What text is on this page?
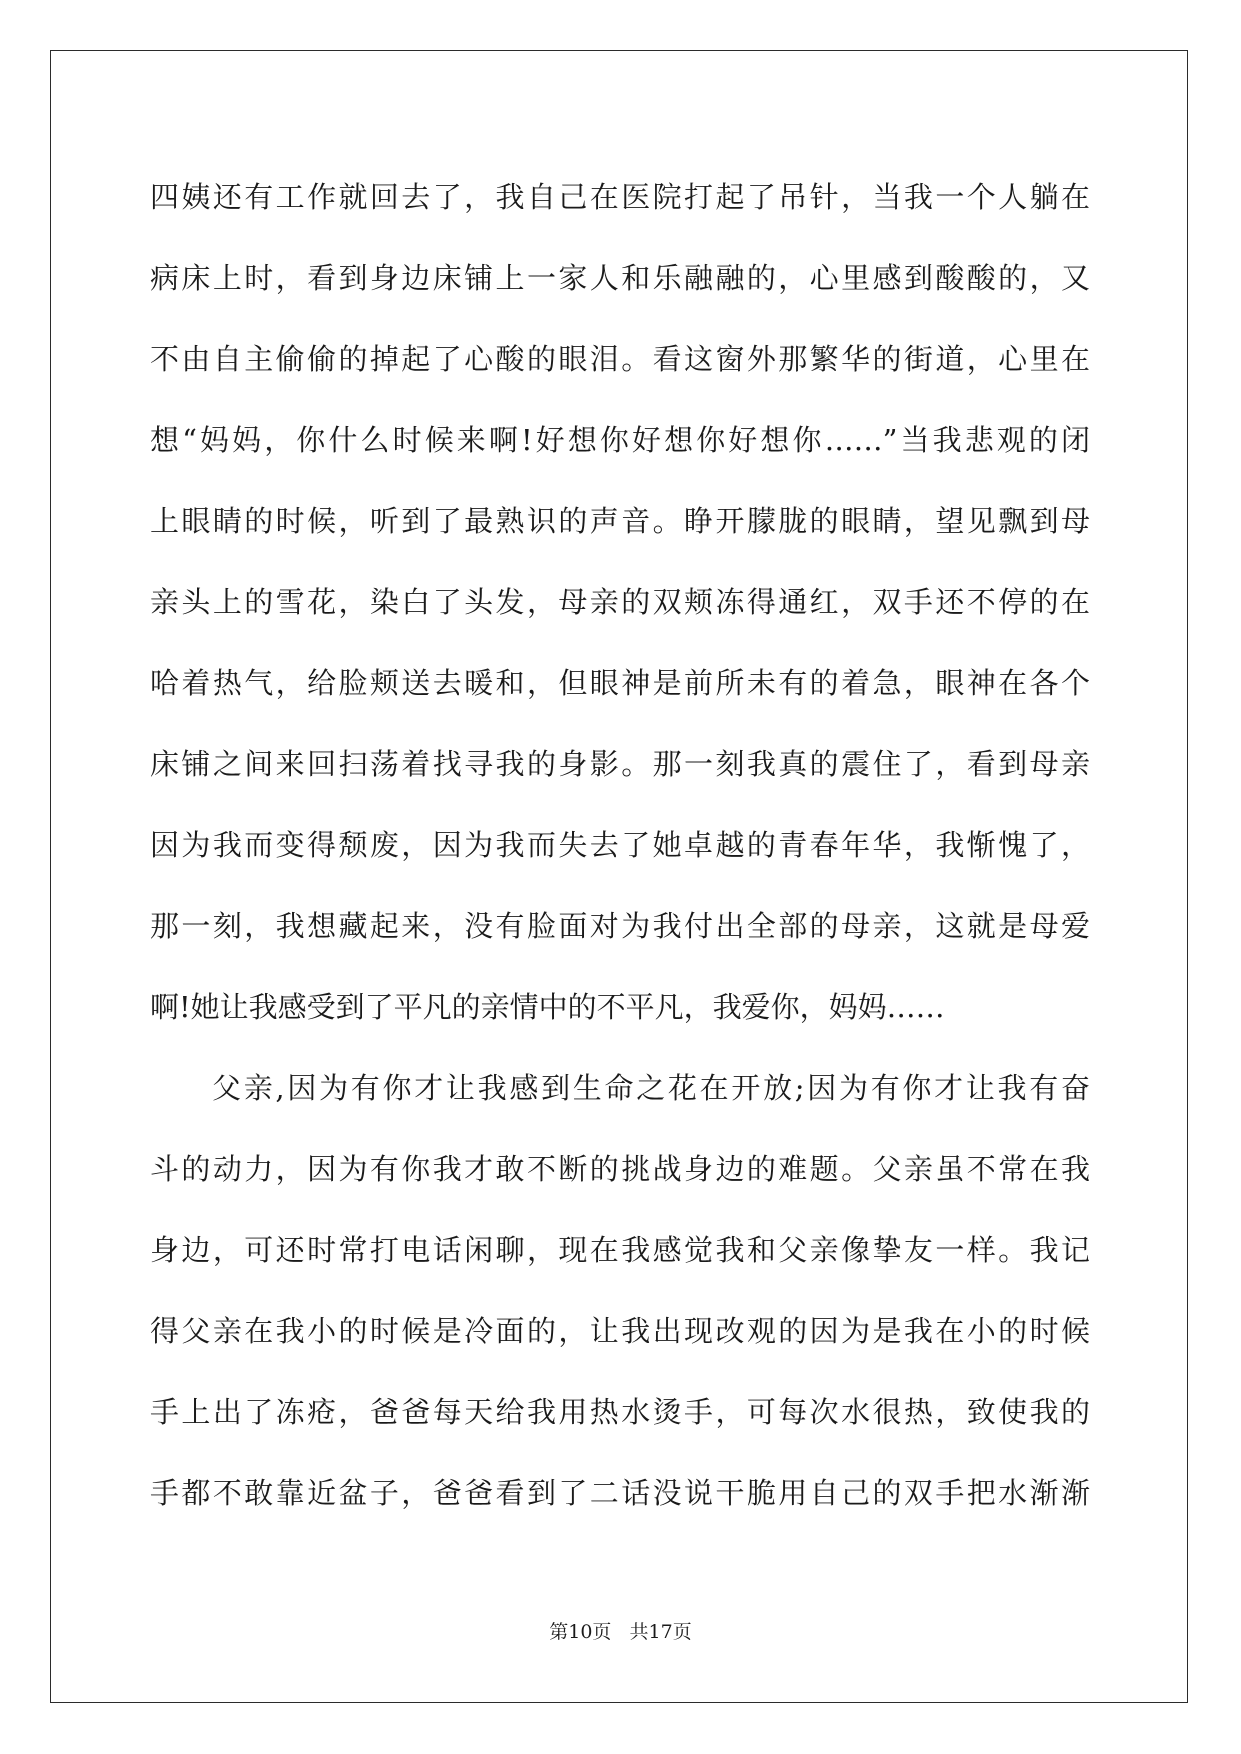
四姨还有工作就回去了，我自己在医院打起了吊针，当我一个人躺在
病床上时，看到身边床铺上一家人和乐融融的，心里感到酸酸的，又
不由自主偷偷的掉起了心酸的眼泪。看这窗外那繁华的街道，心里在
想“妈妈，你什么时候来啊!好想你好想你好想你……”当我悲观的闭
上眼睛的时候，听到了最熟识的声音。睁开朦胧的眼睛，望见飘到母
亲头上的雪花，染白了头发，母亲的双颊冻得通红，双手还不停的在
哈着热气，给脸颊送去暖和，但眼神是前所未有的着急，眼神在各个
床铺之间来回扫荡着找寻我的身影。那一刻我真的震住了，看到母亲
因为我而变得颓废，因为我而失去了她卓越的青春年华，我惭愧了，
那一刻，我想藏起来，没有脸面对为我付出全部的母亲，这就是母爱
啊!她让我感受到了平凡的亲情中的不平凡，我爱你，妈妈……
父亲,因为有你才让我感到生命之花在开放;因为有你才让我有奋
斗的动力，因为有你我才敢不断的挑战身边的难题。父亲虽不常在我
身边，可还时常打电话闲聊，现在我感觉我和父亲像挚友一样。我记
得父亲在我小的时候是冷面的，让我出现改观的因为是我在小的时候
手上出了冻疮，爸爸每天给我用热水烫手，可每次水很热，致使我的
手都不敢靠近盆子，爸爸看到了二话没说干脆用自己的双手把水渐渐
第10页   共17页
